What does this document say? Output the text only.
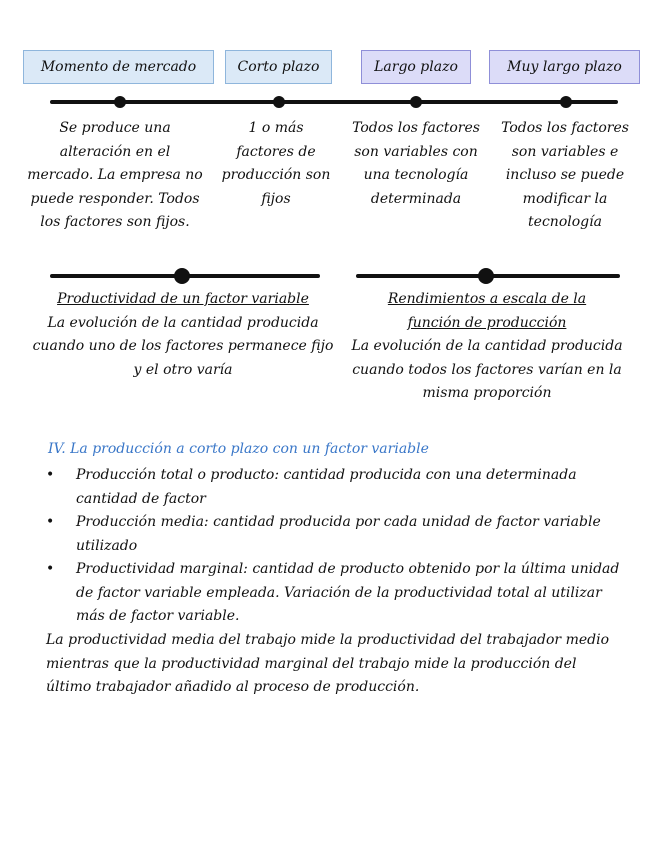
Momento de mercado	Corto plazo	Largo plazo	Muy largo plazo
Se produce una alteración en el mercado. La empresa no puede responder. Todos los factores son fijos.
1 o más factores de producción son fijos
Todos los factores son variables con una tecnología determinada
Todos los factores son variables e incluso se puede modificar la tecnología
Productividad de un factor variable
La evolución de la cantidad producida cuando uno de los factores permanece fijo y el otro varía
Rendimientos a escala de la
función de producción
La evolución de la cantidad producida cuando todos los factores varían en la misma proporción
IV. La producción a corto plazo con un factor variable
• Producción total o producto: cantidad producida con una determinada cantidad de factor
• Producción media: cantidad producida por cada unidad de factor variable utilizado
• Productividad marginal: cantidad de producto obtenido por la última unidad de factor variable empleada. Variación de la productividad total al utilizar más de factor variable.
La productividad media del trabajo mide la productividad del trabajador medio mientras que la productividad marginal del trabajo mide la producción del último trabajador añadido al proceso de producción.
